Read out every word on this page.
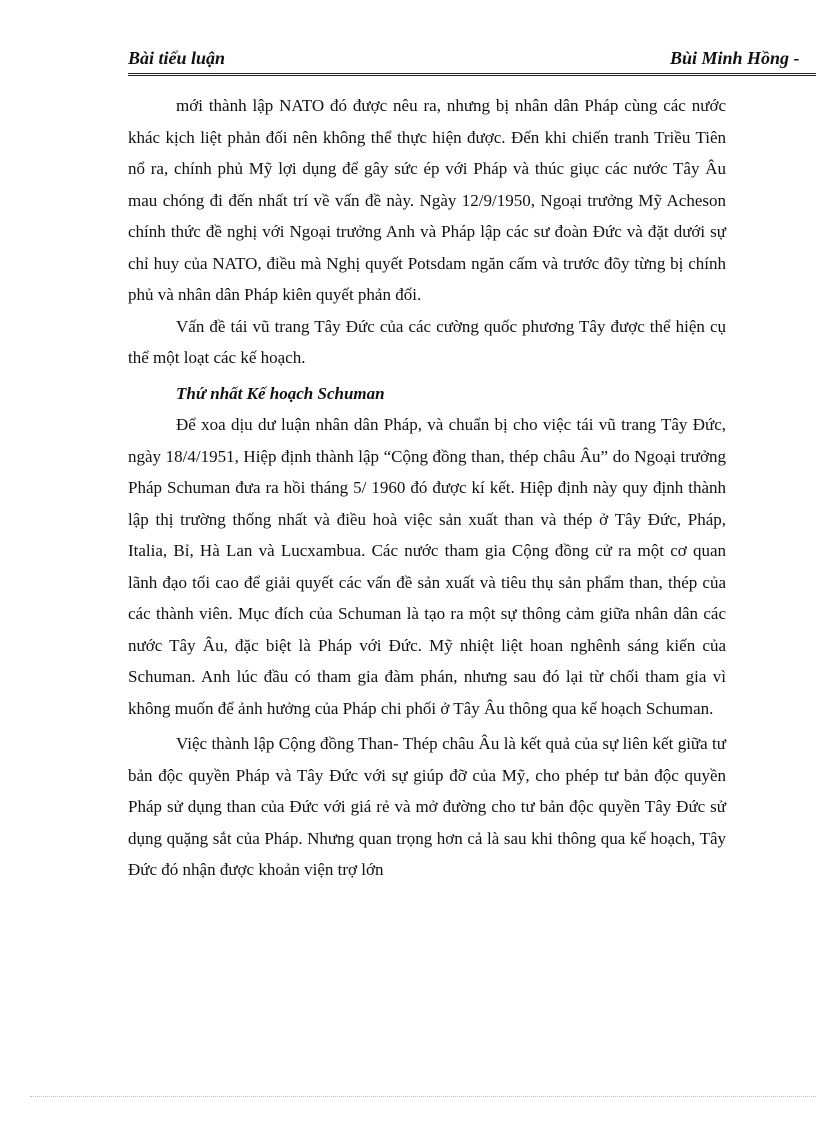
Bài tiểu luận	Bùi Minh Hồng -

mới thành lập NATO đó được nêu ra, nhưng bị nhân dân Pháp cùng các nước khác kịch liệt phản đối nên không thể thực hiện được. Đến khi chiến tranh Triều Tiên nổ ra, chính phủ Mỹ lợi dụng để gây sức ép với Pháp và thúc giục các nước Tây Âu mau chóng đi đến nhất trí về vấn đề này. Ngày 12/9/1950, Ngoại trưởng Mỹ Acheson chính thức đề nghị với Ngoại trưởng Anh và Pháp lập các sư đoàn Đức và đặt dưới sự chỉ huy của NATO, điều mà Nghị quyết Potsdam ngăn cấm và trước đõy từng bị chính phủ và nhân dân Pháp kiên quyết phản đối.

Vấn đề tái vũ trang Tây Đức của các cường quốc phương Tây được thể hiện cụ thể một loạt các kế hoạch.

Thứ nhất Kế hoạch Schuman

Để xoa dịu dư luận nhân dân Pháp, và chuẩn bị cho việc tái vũ trang Tây Đức, ngày 18/4/1951, Hiệp định thành lập “Cộng đồng than, thép châu Âu” do Ngoại trưởng Pháp Schuman đưa ra hồi tháng 5/ 1960 đó được kí kết. Hiệp định này quy định thành lập thị trường thống nhất và điều hoà việc sản xuất than và thép ở Tây Đức, Pháp, Italia, Bỉ, Hà Lan và Lucxambua. Các nước tham gia Cộng đồng cử ra một cơ quan lãnh đạo tối cao để giải quyết các vấn đề sản xuất và tiêu thụ sản phẩm than, thép của các thành viên. Mục đích của Schuman là tạo ra một sự thông cảm giữa nhân dân các nước Tây Âu, đặc biệt là Pháp với Đức. Mỹ nhiệt liệt hoan nghênh sáng kiến của Schuman. Anh lúc đầu có tham gia đàm phán, nhưng sau đó lại từ chối tham gia vì không muốn để ảnh hưởng của Pháp chi phối ở Tây Âu thông qua kế hoạch Schuman.

Việc thành lập Cộng đồng Than- Thép châu Âu là kết quả của sự liên kết giữa tư bản độc quyền Pháp và Tây Đức với sự giúp đỡ của Mỹ, cho phép tư bản độc quyền Pháp sử dụng than của Đức với giá rẻ và mở đường cho tư bản độc quyền Tây Đức sử dụng quặng sắt của Pháp. Nhưng quan trọng hơn cả là sau khi thông qua kế hoạch, Tây Đức đó nhận được khoản viện trợ lớn
